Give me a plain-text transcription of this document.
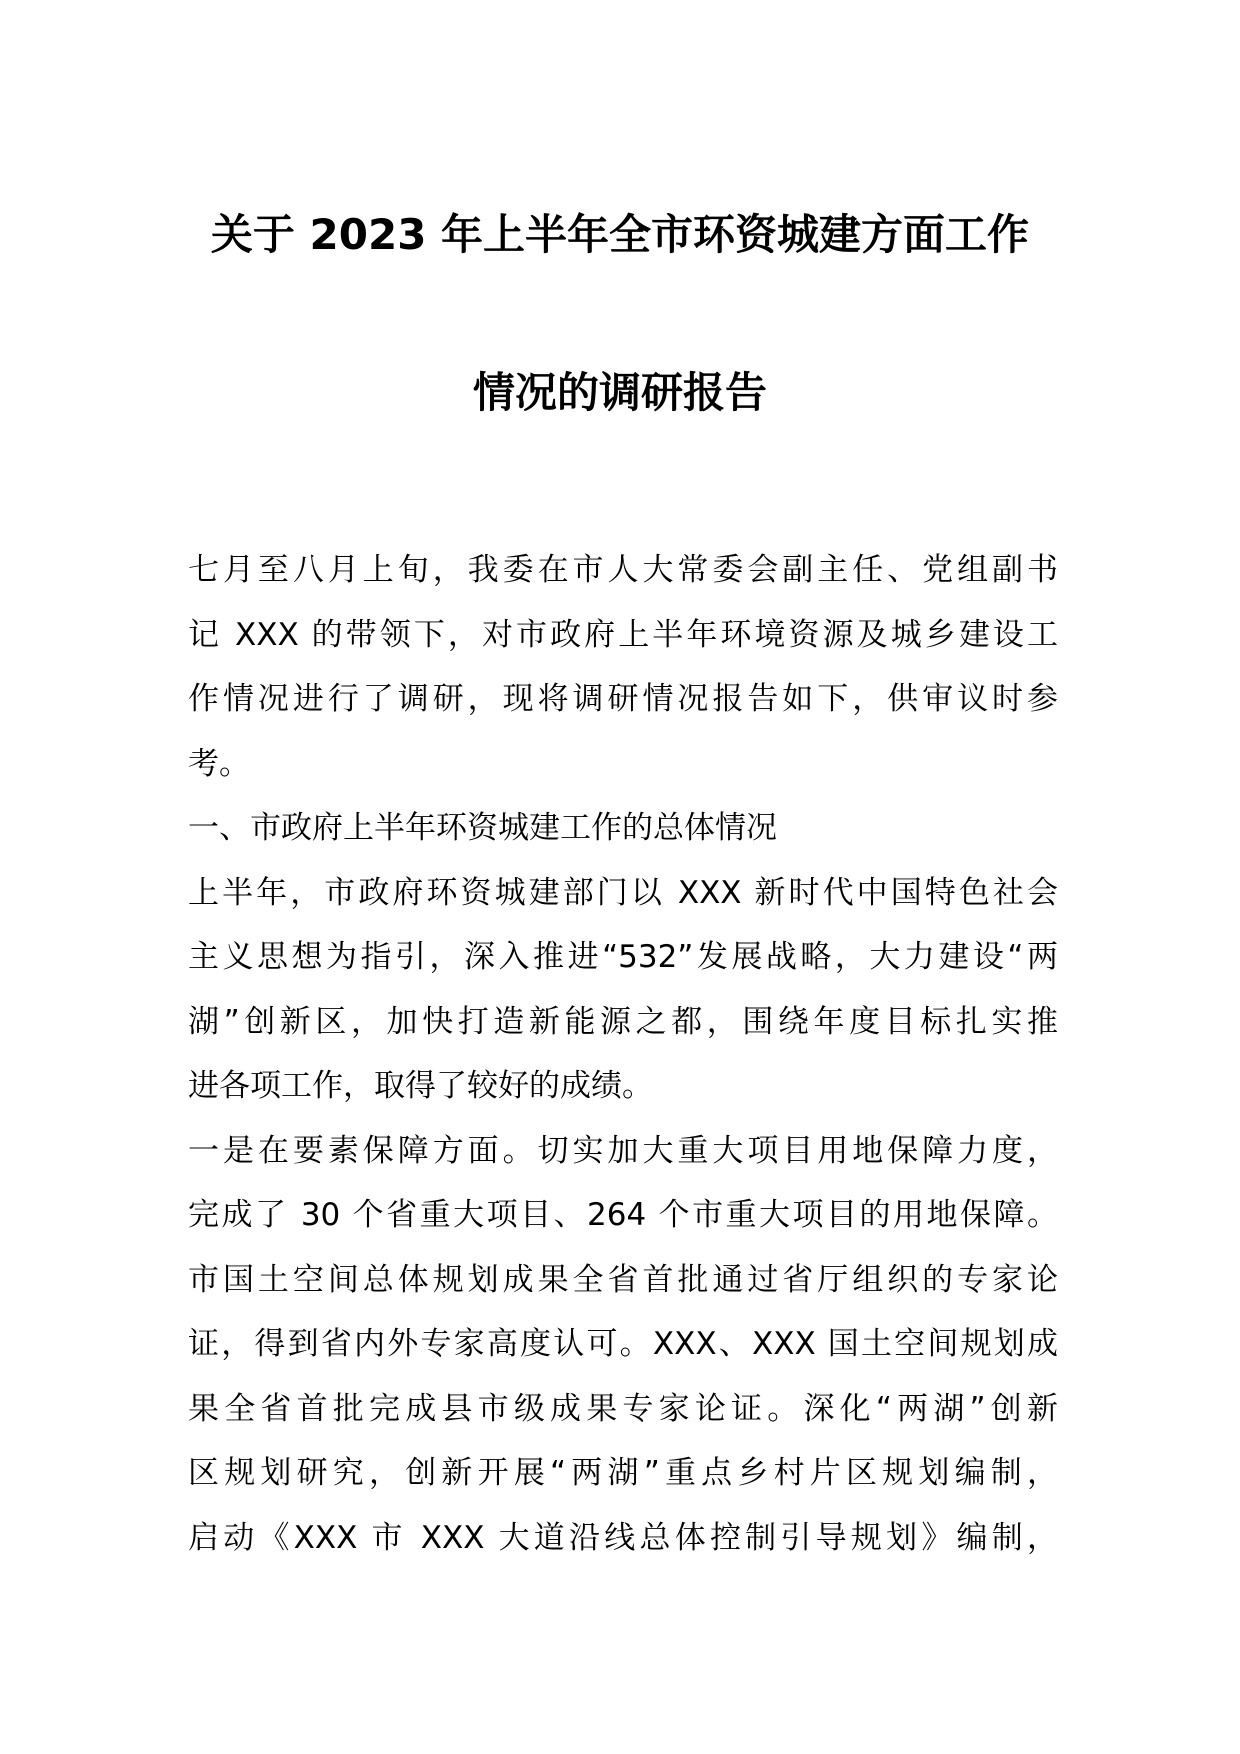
关于 2023 年上半年全市环资城建方面工作
情况的调研报告
七月至八月上旬，我委在市人大常委会副主任、党组副书
记 XXX 的带领下，对市政府上半年环境资源及城乡建设工
作情况进行了调研，现将调研情况报告如下，供审议时参
考。
一、市政府上半年环资城建工作的总体情况
上半年，市政府环资城建部门以 XXX 新时代中国特色社会
主义思想为指引，深入推进“532”发展战略，大力建设“两
湖”创新区，加快打造新能源之都，围绕年度目标扎实推
进各项工作，取得了较好的成绩。
一是在要素保障方面。切实加大重大项目用地保障力度，
完成了 30 个省重大项目、264 个市重大项目的用地保障。
市国土空间总体规划成果全省首批通过省厅组织的专家论
证，得到省内外专家高度认可。XXX、XXX 国土空间规划成
果全省首批完成县市级成果专家论证。深化“两湖”创新
区规划研究，创新开展“两湖”重点乡村片区规划编制，
启动《XXX 市 XXX 大道沿线总体控制引导规划》编制，
